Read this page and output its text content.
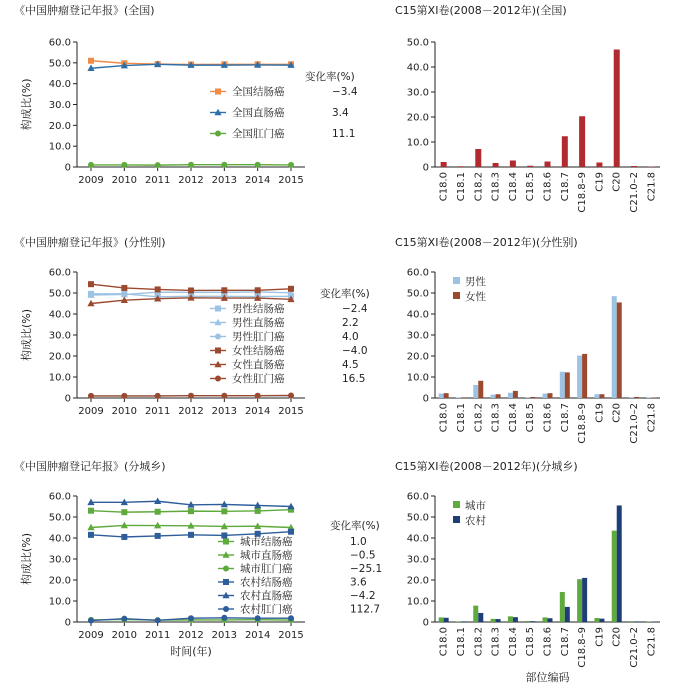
《中国肿瘤登记年报》(全国)
0
10.0
20.0
30.0
40.0
50.0
60.0
2009 2010 2011 2012 2013 2014 2015
构成比(%)
变化率(%)
全国结肠癌	−3.4
全国直肠癌	3.4
全国肛门癌	11.1
《中国肿瘤登记年报》(分性别)
0
10.0
20.0
30.0
40.0
50.0
60.0
2009 2010 2011 2012 2013 2014 2015
构成比(%)
变化率(%)
男性结肠癌	−2.4
男性直肠癌	2.2
男性肛门癌	4.0
女性结肠癌	−4.0
女性直肠癌	4.5
女性肛门癌	16.5
《中国肿瘤登记年报》(分城乡)
0
10.0
20.0
30.0
40.0
50.0
60.0
2009 2010 2011 2012 2013 2014 2015
构成比(%)
时间(年)
变化率(%)
城市结肠癌	1.0
城市直肠癌	−0.5
城市肛门癌	−25.1
农村结肠癌	3.6
农村直肠癌	−4.2
农村肛门癌	112.7
C15第XI卷(2008－2012年)(全国)
0
10.0
20.0
30.0
40.0
50.0
C18.0 C18.1 C18.2 C18.3 C18.4 C18.5 C18.6 C18.7 C18.8–9 C19 C20 C21.0–2 C21.8
C15第XI卷(2008－2012年)(分性别)
0
10.0
20.0
30.0
40.0
50.0
60.0
C18.0 C18.1 C18.2 C18.3 C18.4 C18.5 C18.6 C18.7 C18.8–9 C19 C20 C21.0–2 C21.8
男性
女性
C15第XI卷(2008－2012年)(分城乡)
0
10.0
20.0
30.0
40.0
50.0
60.0
C18.0 C18.1 C18.2 C18.3 C18.4 C18.5 C18.6 C18.7 C18.8–9 C19 C20 C21.0–2 C21.8
城市
农村
部位编码
